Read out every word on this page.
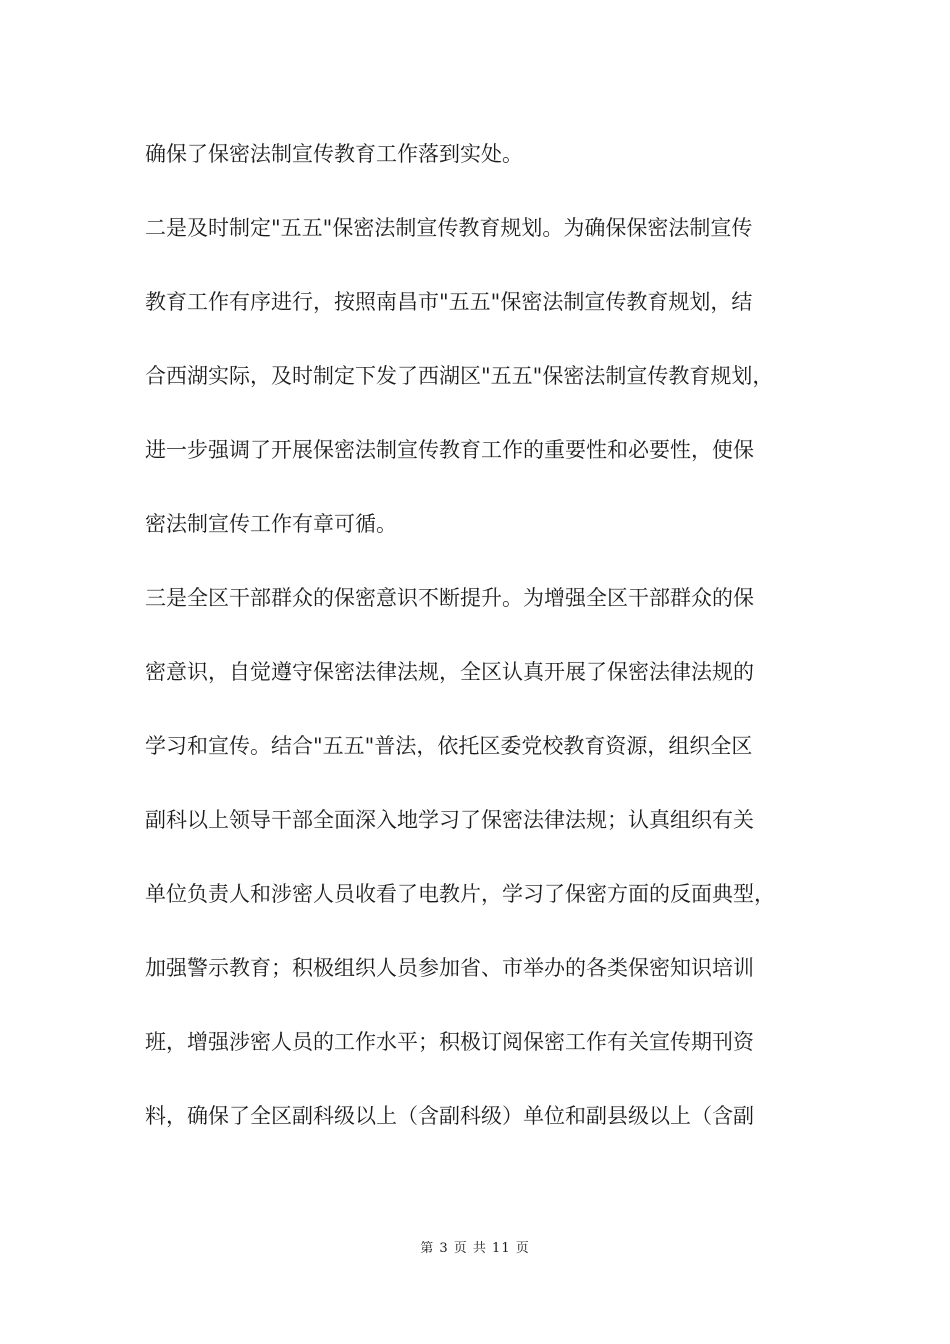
确保了保密法制宣传教育工作落到实处。
二是及时制定"五五"保密法制宣传教育规划。为确保保密法制宣传
教育工作有序进行，按照南昌市"五五"保密法制宣传教育规划，结
合西湖实际，及时制定下发了西湖区"五五"保密法制宣传教育规划，
进一步强调了开展保密法制宣传教育工作的重要性和必要性，使保
密法制宣传工作有章可循。
三是全区干部群众的保密意识不断提升。为增强全区干部群众的保
密意识，自觉遵守保密法律法规，全区认真开展了保密法律法规的
学习和宣传。结合"五五"普法，依托区委党校教育资源，组织全区
副科以上领导干部全面深入地学习了保密法律法规；认真组织有关
单位负责人和涉密人员收看了电教片，学习了保密方面的反面典型，
加强警示教育；积极组织人员参加省、市举办的各类保密知识培训
班，增强涉密人员的工作水平；积极订阅保密工作有关宣传期刊资
料，确保了全区副科级以上（含副科级）单位和副县级以上（含副
第 3 页 共 11 页
